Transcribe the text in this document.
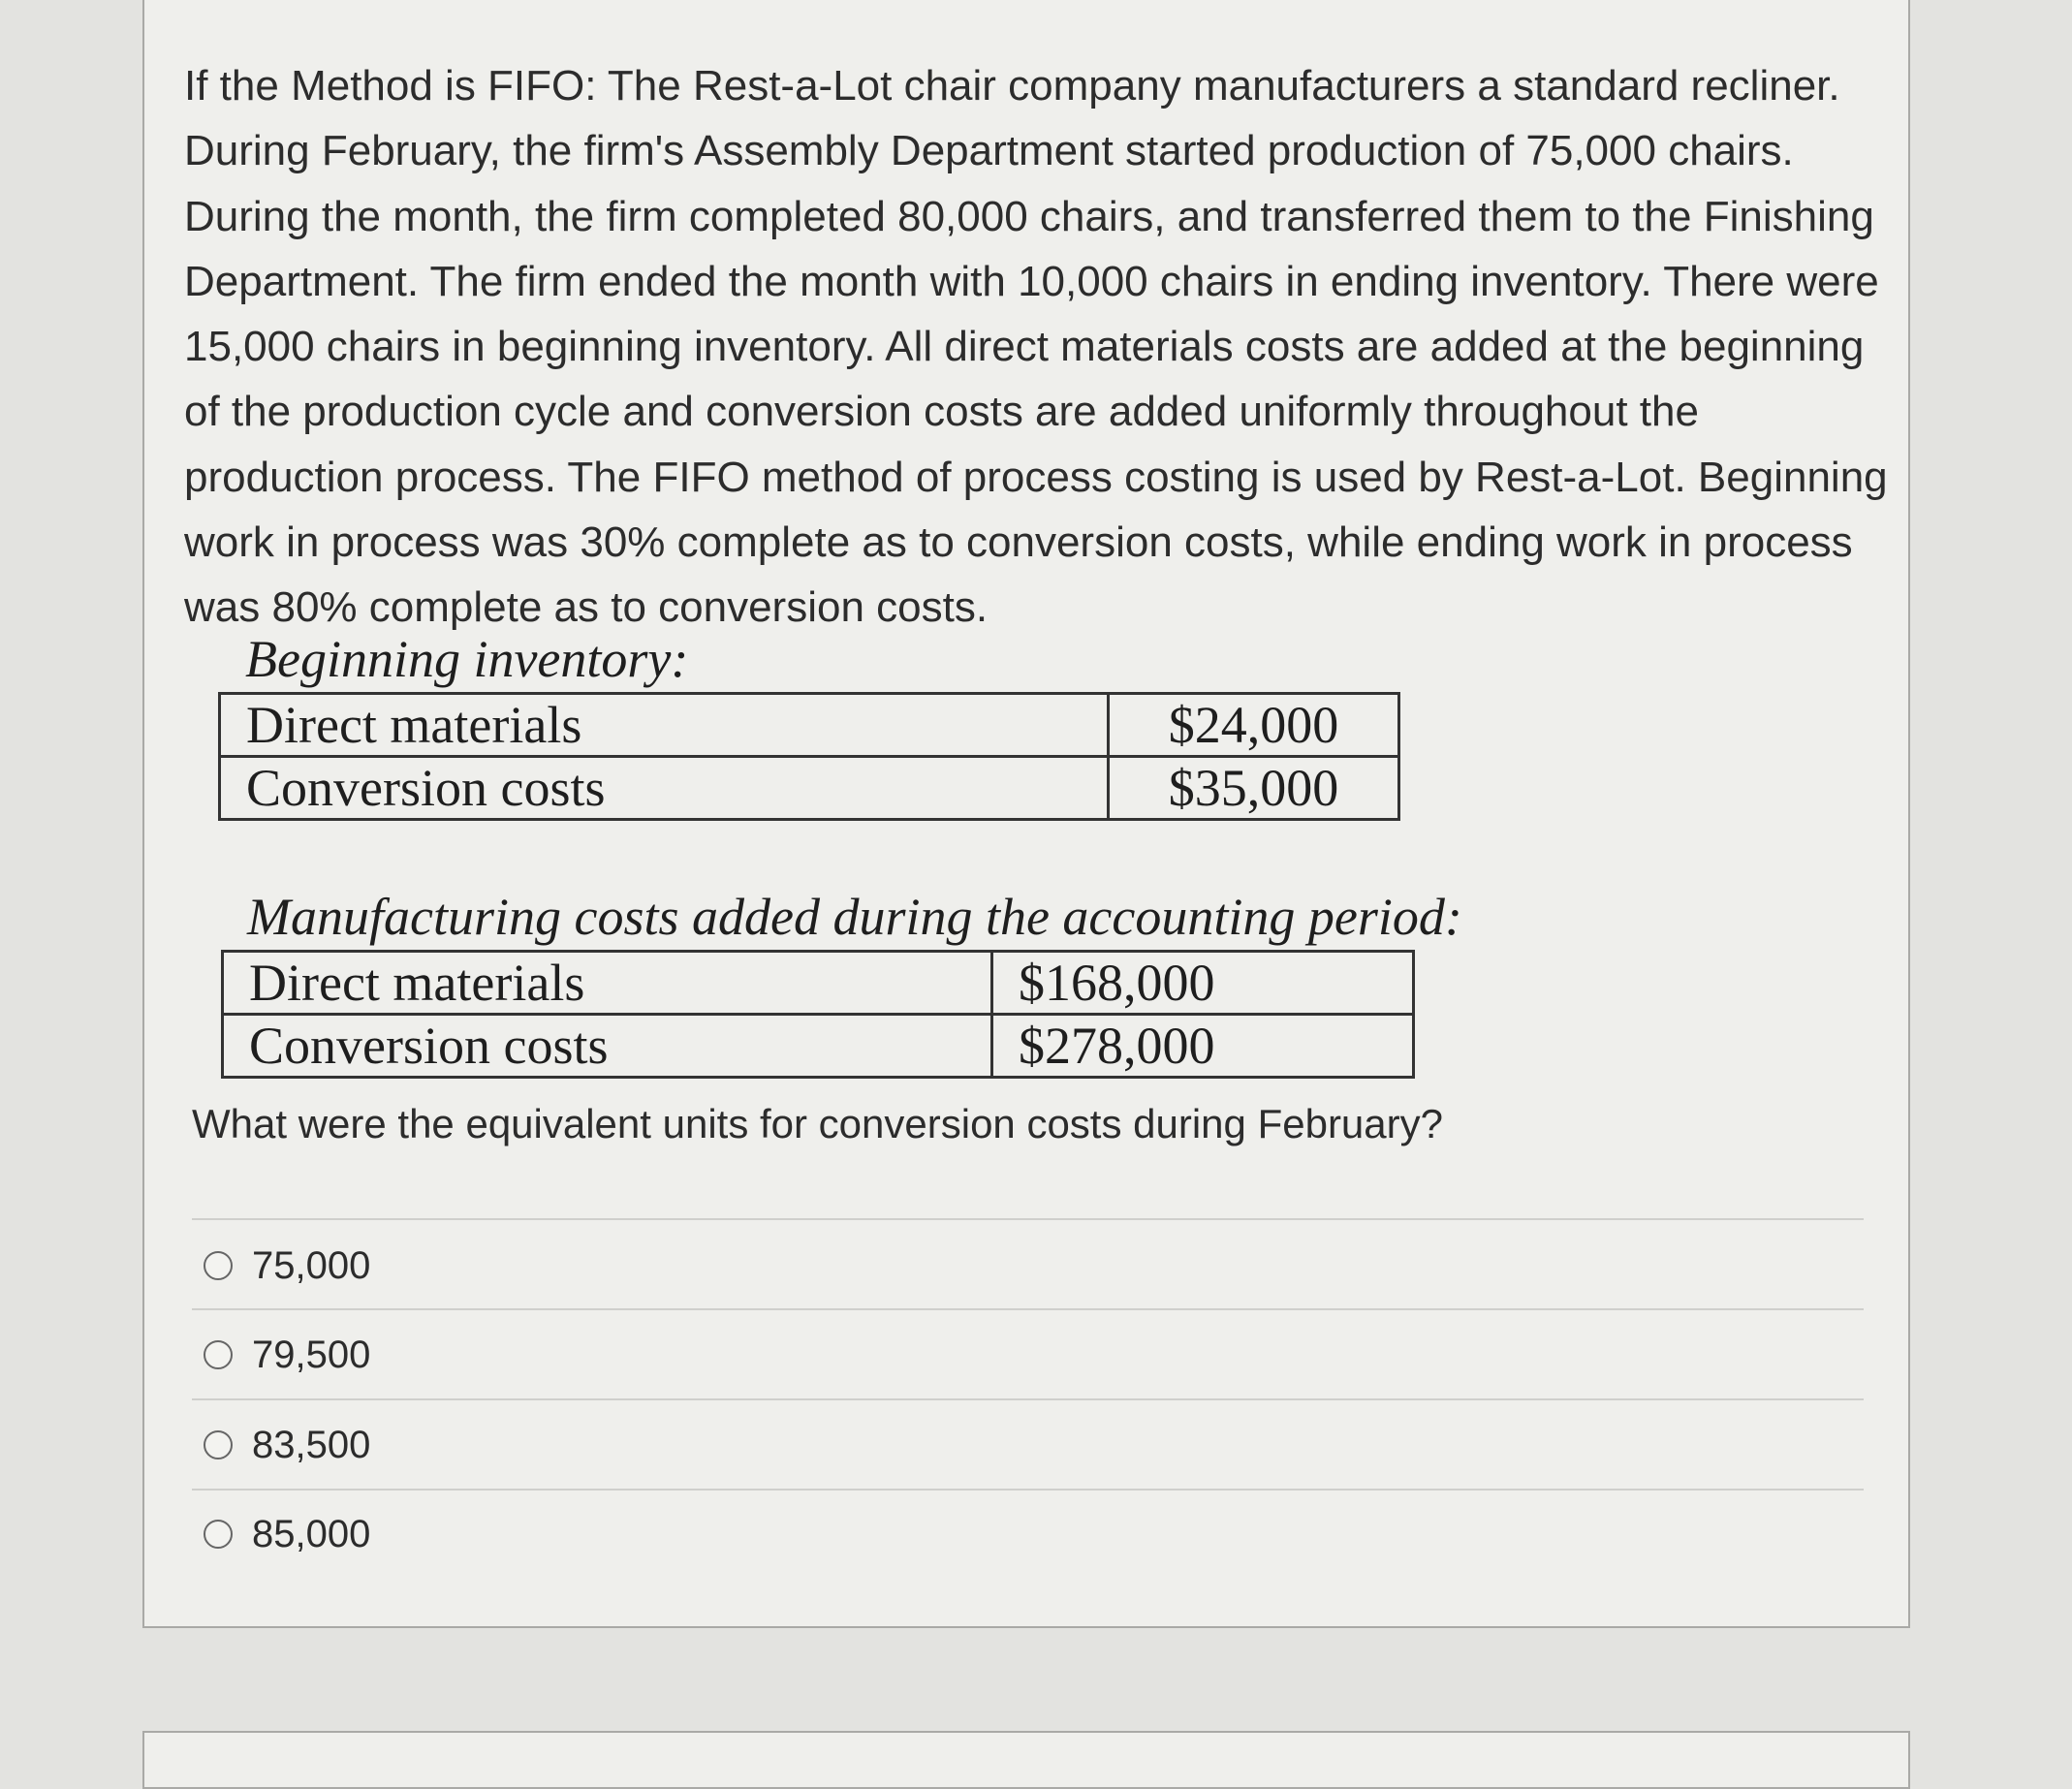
If the Method is FIFO: The Rest-a-Lot chair company manufacturers a standard recliner. During February, the firm's Assembly Department started production of 75,000 chairs. During the month, the firm completed 80,000 chairs, and transferred them to the Finishing Department. The firm ended the month with 10,000 chairs in ending inventory. There were 15,000 chairs in beginning inventory. All direct materials costs are added at the beginning of the production cycle and conversion costs are added uniformly throughout the production process. The FIFO method of process costing is used by Rest-a-Lot. Beginning work in process was 30% complete as to conversion costs, while ending work in process was 80% complete as to conversion costs.

Beginning inventory:
Direct materials	$24,000
Conversion costs	$35,000
Manufacturing costs added during the accounting period:
Direct materials	$168,000
Conversion costs	$278,000

What were the equivalent units for conversion costs during February?

75,000
79,500
83,500
85,000
